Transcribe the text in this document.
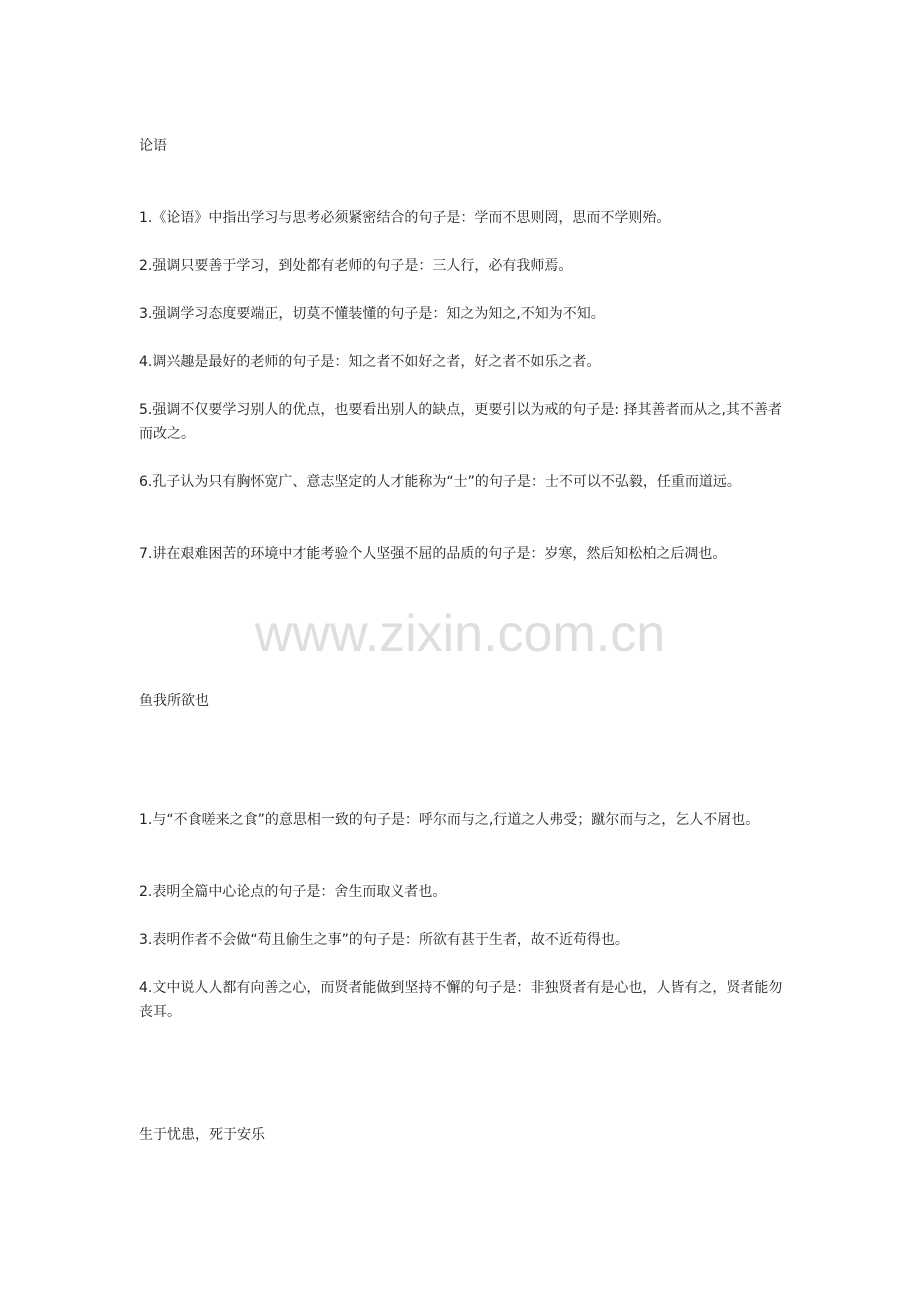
论语

1.《论语》中指出学习与思考必须紧密结合的句子是：学而不思则罔，思而不学则殆。

2.强调只要善于学习，到处都有老师的句子是：三人行，必有我师焉。

3.强调学习态度要端正，切莫不懂装懂的句子是：知之为知之,不知为不知。

4.调兴趣是最好的老师的句子是：知之者不如好之者，好之者不如乐之者。

5.强调不仅要学习别人的优点，也要看出别人的缺点，更要引以为戒的句子是: 择其善者而从之,其不善者而改之。

6.孔子认为只有胸怀宽广、意志坚定的人才能称为“士”的句子是：士不可以不弘毅，任重而道远。

7.讲在艰难困苦的环境中才能考验个人坚强不屈的品质的句子是：岁寒，然后知松柏之后凋也。

www.zixin.com.cn

鱼我所欲也

1.与“不食嗟来之食”的意思相一致的句子是：呼尔而与之,行道之人弗受；蹴尔而与之，乞人不屑也。

2.表明全篇中心论点的句子是：舍生而取义者也。

3.表明作者不会做“苟且偷生之事”的句子是：所欲有甚于生者，故不近苟得也。

4.文中说人人都有向善之心，而贤者能做到坚持不懈的句子是：非独贤者有是心也，人皆有之，贤者能勿丧耳。

生于忧患，死于安乐
